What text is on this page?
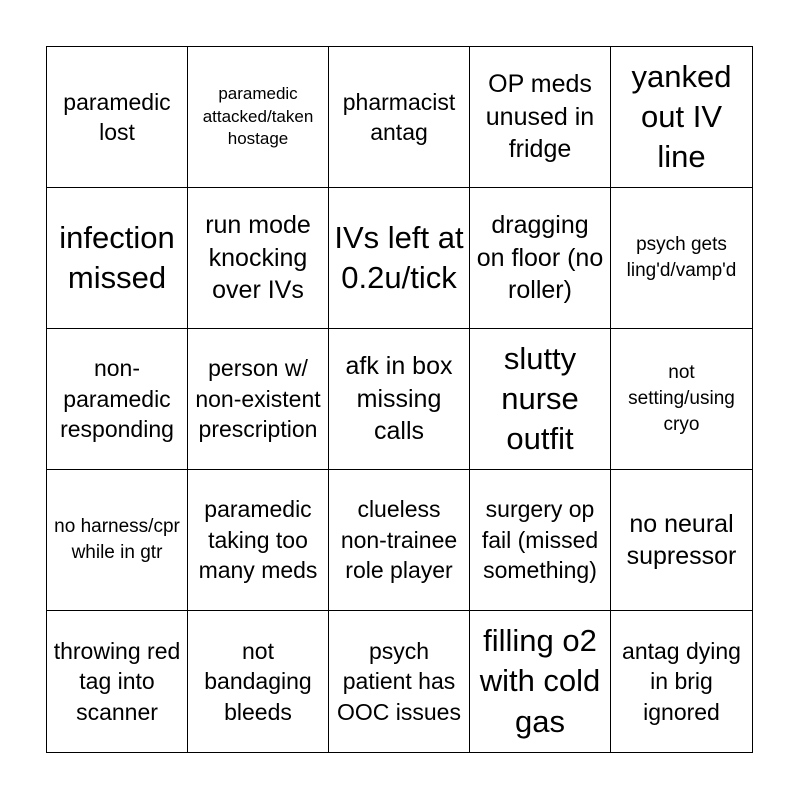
paramedic lost
paramedic attacked/taken hostage
pharmacist antag
OP meds unused in fridge
yanked out IV line
infection missed
run mode knocking over IVs
IVs left at 0.2u/tick
dragging on floor (no roller)
psych gets ling'd/vamp'd
non-paramedic responding
person w/ non-existent prescription
afk in box missing calls
slutty nurse outfit
not setting/using cryo
no harness/cpr while in gtr
paramedic taking too many meds
clueless non-trainee role player
surgery op fail (missed something)
no neural supressor
throwing red tag into scanner
not bandaging bleeds
psych patient has OOC issues
filling o2 with cold gas
antag dying in brig ignored
